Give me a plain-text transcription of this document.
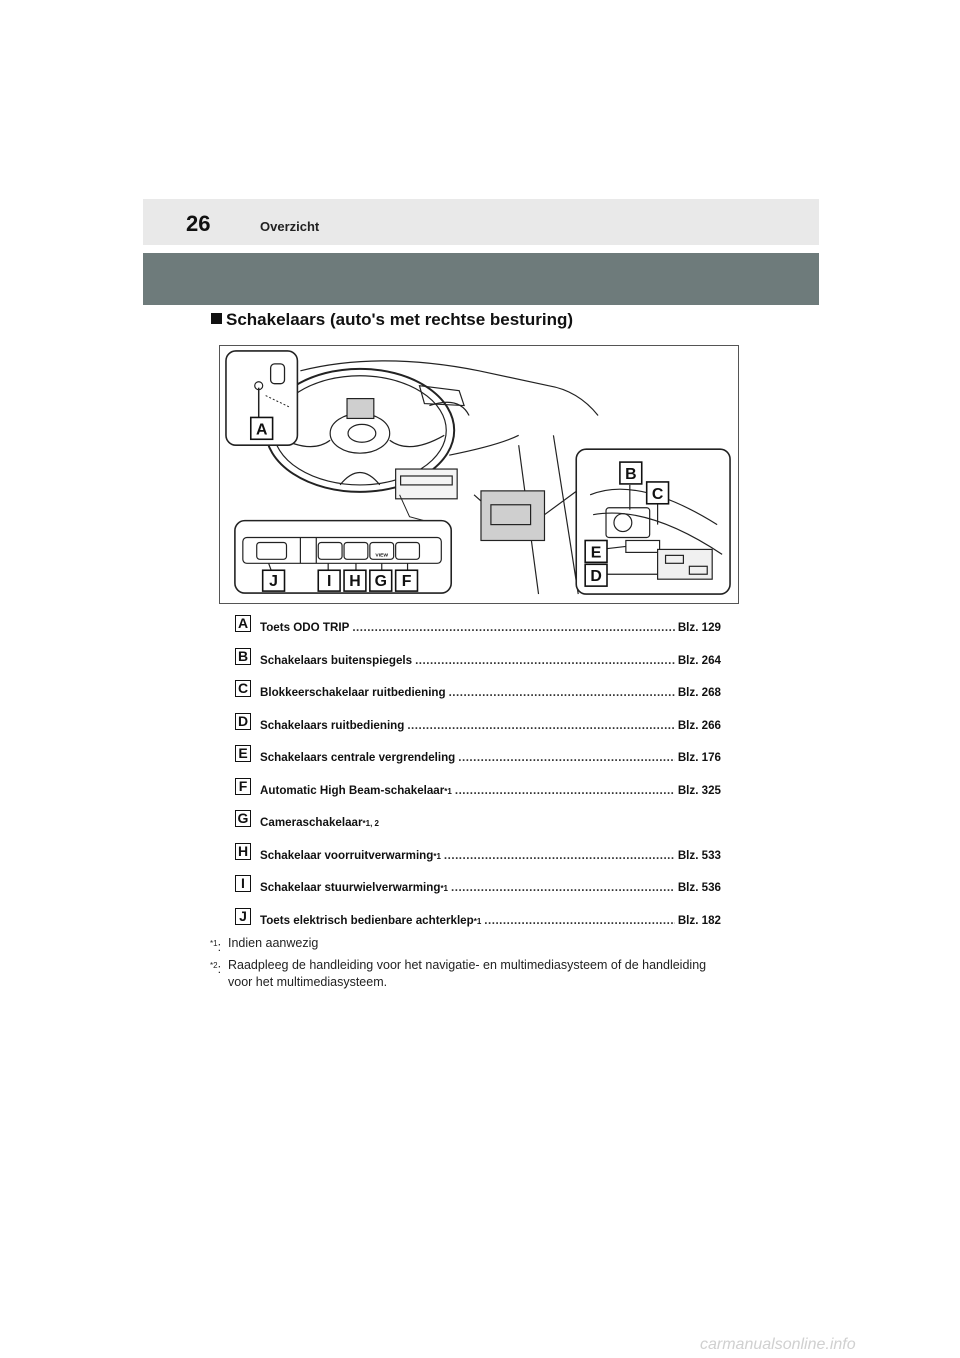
26	Overzicht
Schakelaars (auto's met rechtse besturing)
A
B
C
D
E
VIEW
J	I H G F
A Toets ODO TRIP .....	Blz. 129
B Schakelaars buitenspiegels .....	Blz. 264
C Blokkeerschakelaar ruitbediening .....	Blz. 268
D Schakelaars ruitbediening .....	Blz. 266
E Schakelaars centrale vergrendeling .....	Blz. 176
F	Automatic High Beam-schakelaar *1 .....	Blz. 325
G Cameraschakelaar *1, 2
H Schakelaar voorruitverwarming *1 .....	Blz. 533
I	Schakelaar stuurwielverwarming *1 .....	Blz. 536
J	Toets elektrisch bedienbare achterklep *1 .....	Blz. 182
$^{*1}$: Indien aanwezig
$^{*2}$: Raadpleeg de handleiding voor het navigatie- en multimediasysteem of de handleiding voor het multimediasysteem.
carmanualsonline.info
